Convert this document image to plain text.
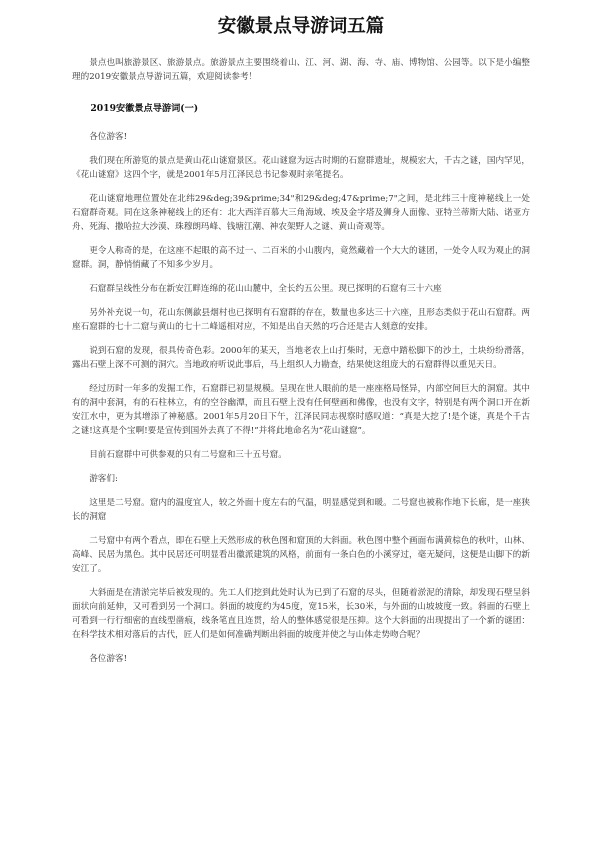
安徽景点导游词五篇

景点也叫旅游景区、旅游景点。旅游景点主要围绕着山、江、河、湖、海、寺、庙、博物馆、公园等。以下是小编整理的2019安徽景点导游词五篇，欢迎阅读参考！

2019安徽景点导游词(一)

各位游客!

我们现在所游览的景点是黄山花山谜窟景区。花山谜窟为远古时期的石窟群遗址，规模宏大，千古之谜，国内罕见，《花山谜窟》这四个字，就是2001年5月江泽民总书记参观时亲笔提名。

花山谜窟地理位置处在北纬29&deg;39&prime;34"和29&deg;47&prime;7"之间，是北纬三十度神秘线上一处石窟群奇观。同在这条神秘线上的还有：北大西洋百慕大三角海域、埃及金字塔及狮身人面像、亚特兰蒂斯大陆、诺亚方舟、死海、撒哈拉大沙漠、珠穆朗玛峰、钱塘江潮、神农架野人之谜、黄山奇观等。

更令人称奇的是，在这座不起眼的高不过一、二百米的小山腹内，竟然藏着一个大大的谜团，一处令人叹为观止的洞窟群。洞，静悄悄藏了不知多少岁月。

石窟群呈线性分布在新安江畔连绵的花山山麓中，全长约五公里。现已探明的石窟有三十六座

另外补充说一句，花山东侧歙县烟村也已探明有石窟群的存在，数量也多达三十六座，且形态类似于花山石窟群。两座石窟群的七十二窟与黄山的七十二峰遥相对应，不知是出自天然的巧合还是古人刻意的安排。

说到石窟的发现，很具传奇色彩。2000年的某天，当地老农上山打柴时，无意中踏松脚下的沙土，土块纷纷滑落，露出石壁上深不可测的洞穴。当地政府听说此事后，马上组织人力勘查，结果使这组庞大的石窟群得以重见天日。

经过历时一年多的发掘工作，石窟群已初显规模。呈现在世人眼前的是一座座格局怪异，内部空间巨大的洞窟。其中有的洞中套洞，有的石柱林立，有的空谷幽潭，而且石壁上没有任何壁画和佛像，也没有文字，特别是有两个洞口开在新安江水中，更为其增添了神秘感。2001年5月20日下午，江泽民同志视察时感叹道：“真是大挖了!是个谜，真是个千古之谜!这真是个宝啊!要是宣传到国外去真了不得!”并将此地命名为“花山谜窟”。

目前石窟群中可供参观的只有二号窟和三十五号窟。

游客们:

这里是二号窟。窟内的温度宜人，较之外面十度左右的气温，明显感觉到和暖。二号窟也被称作地下长廊，是一座狭长的洞窟

二号窟中有两个看点，即在石壁上天然形成的秋色图和窟顶的大斜面。秋色图中整个画面布满黄棕色的秋叶，山林、高峰、民居为黑色。其中民居还可明显看出徽派建筑的风格，前面有一条白色的小溪穿过，毫无疑问，这便是山脚下的新安江了。

大斜面是在清淤完毕后被发现的。先工人们挖到此处时认为已到了石窟的尽头，但随着淤泥的清除，却发现石壁呈斜面状向前延伸，又可看到另一个洞口。斜面的坡度约为45度，宽15米，长30米，与外面的山坡坡度一致。斜面的石壁上可看到一行行细密的直线型凿痕，线条笔直且连贯，给人的整体感觉很是压抑。这个大斜面的出现提出了一个新的谜团：在科学技术相对落后的古代，匠人们是如何准确判断出斜面的坡度并使之与山体走势吻合呢？

各位游客!
